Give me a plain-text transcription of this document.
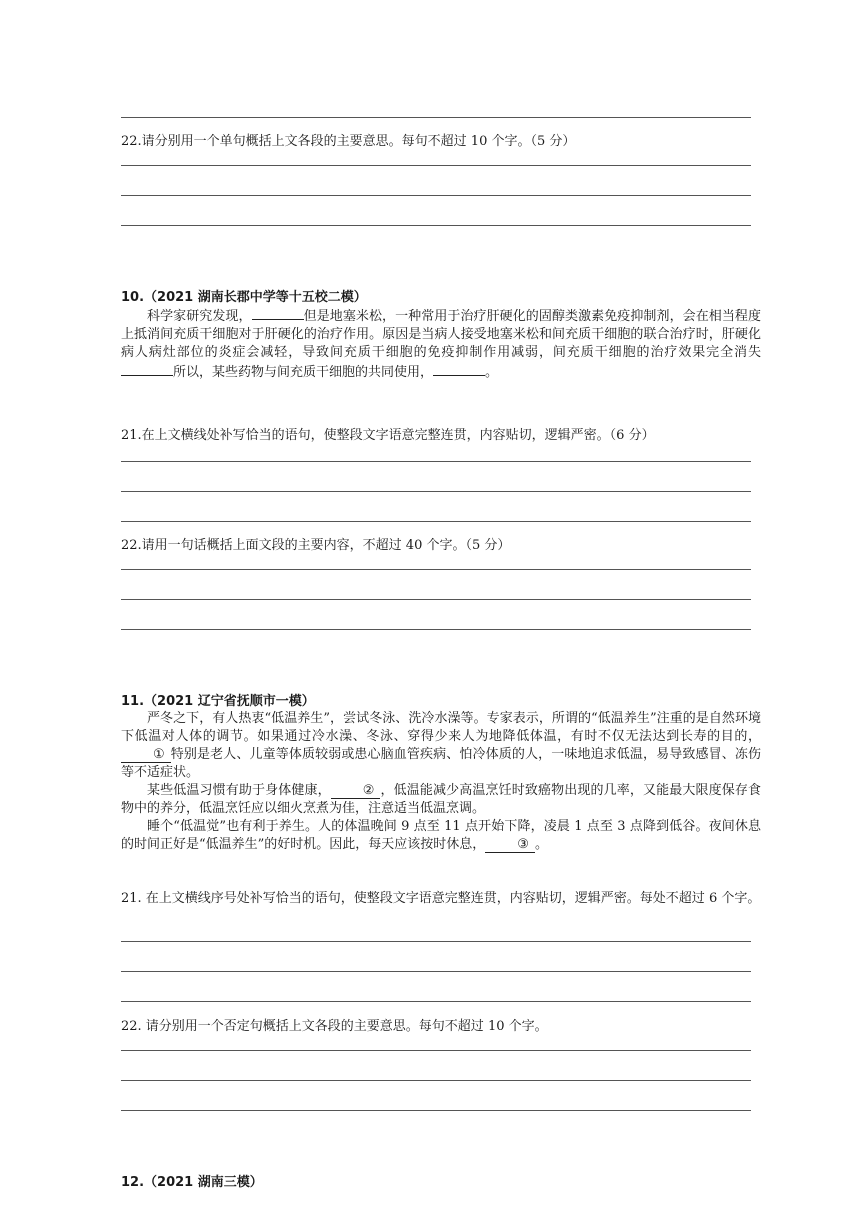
22.请分别用一个单句概括上文各段的主要意思。每句不超过 10 个字。（5 分）
10.（2021 湖南长郡中学等十五校二模）

科学家研究发现，	但是地塞米松，一种常用于治疗肝硬化的固醇类激素免疫抑制剂，会在相当程度上抵消间充质干细胞对于肝硬化的治疗作用。原因是当病人接受地塞米松和间充质干细胞的联合治疗时，肝硬化病人病灶部位的炎症会减轻，导致间充质干细胞的免疫抑制作用减弱，间充质干细胞的治疗效果完全消失所以，某些药物与间充质干细胞的共同使用，	。

21.在上文横线处补写恰当的语句，使整段文字语意完整连贯，内容贴切，逻辑严密。（6 分）
22.请用一句话概括上面文段的主要内容，不超过 40 个字。（5 分）
11.（2021 辽宁省抚顺市一模）

严冬之下，有人热衷“低温养生”，尝试冬泳、洗冷水澡等。专家表示，所谓的“低温养生”注重的是自然环境下低温对人体的调节。如果通过冷水澡、冬泳、穿得少来人为地降低体温，有时不仅无法达到长寿的目的，① 特别是老人、儿童等体质较弱或患心脑血管疾病、怕冷体质的人，一味地追求低温，易导致感冒、冻伤等不适症状。

某些低温习惯有助于身体健康， ② ，低温能减少高温烹饪时致癌物出现的几率，又能最大限度保存食物中的养分，低温烹饪应以细火烹煮为佳，注意适当低温烹调。

睡个“低温觉”也有利于养生。人的体温晚间 9 点至 11 点开始下降，凌晨 1 点至 3 点降到低谷。夜间休息的时间正好是“低温养生”的好时机。因此，每天应该按时休息， ③ 。

21. 在上文横线序号处补写恰当的语句，使整段文字语意完整连贯，内容贴切，逻辑严密。每处不超过 6 个字。

22. 请分别用一个否定句概括上文各段的主要意思。每句不超过 10 个字。
12.（2021 湖南三模）
